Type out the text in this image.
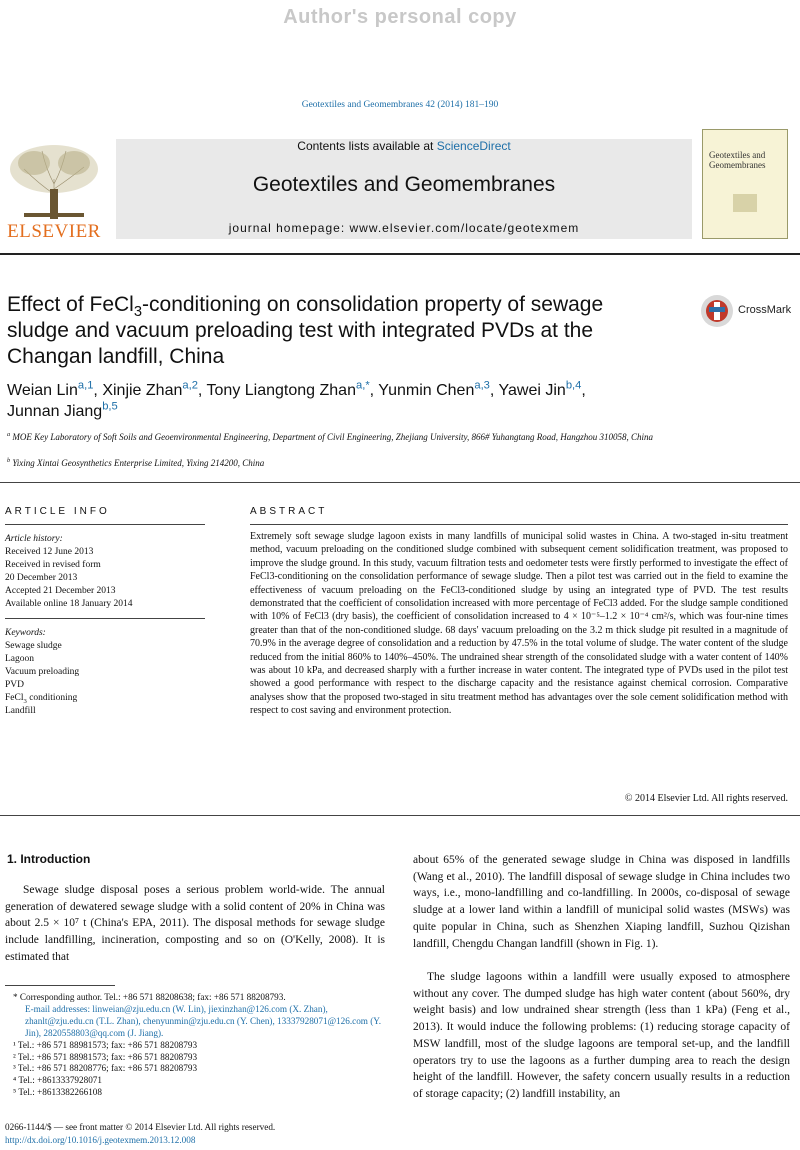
Author's personal copy
Geotextiles and Geomembranes 42 (2014) 181–190
ELSEVIER
Contents lists available at ScienceDirect
Geotextiles and Geomembranes
journal homepage: www.elsevier.com/locate/geotexmem
Geotextiles and Geomembranes
Effect of FeCl$_3$-conditioning on consolidation property of sewage sludge and vacuum preloading test with integrated PVDs at the Changan landfill, China
CrossMark
Weian Lin$^{a,1}$, Xinjie Zhan$^{a,2}$, Tony Liangtong Zhan$^{a,*}$, Yunmin Chen$^{a,3}$, Yawei Jin$^{b,4}$,
Junnan Jiang$^{b,5}$
$^a$ MOE Key Laboratory of Soft Soils and Geoenvironmental Engineering, Department of Civil Engineering, Zhejiang University, 866# Yuhangtang Road, Hangzhou 310058, China
$^b$ Yixing Xintai Geosynthetics Enterprise Limited, Yixing 214200, China
ARTICLE INFO
Article history:
Received 12 June 2013
Received in revised form
20 December 2013
Accepted 21 December 2013
Available online 18 January 2014
Keywords:
Sewage sludge
Lagoon
Vacuum preloading
PVD
FeCl$_3$ conditioning
Landfill
ABSTRACT
Extremely soft sewage sludge lagoon exists in many landfills of municipal solid wastes in China. A two-staged in-situ treatment method, vacuum preloading on the conditioned sludge combined with subsequent cement solidification treatment, was proposed to improve the sludge ground. In this study, vacuum filtration tests and oedometer tests were firstly performed to investigate the effect of FeCl3-conditioning on the consolidation performance of sewage sludge. Then a pilot test was carried out in the field to examine the effectiveness of vacuum preloading on the FeCl3-conditioned sludge by using an integrated type of PVD. The test results demonstrated that the coefficient of consolidation increased with more percentage of FeCl3 added. For the sludge sample conditioned with 10% of FeCl3 (dry basis), the coefficient of consolidation increased to 4 × 10⁻⁵–1.2 × 10⁻⁴ cm²/s, which was four-nine times greater than that of the non-conditioned sludge. 68 days' vacuum preloading on the 3.2 m thick sludge pit resulted in a magnitude of 70.9% in the average degree of consolidation and a reduction by 47.5% in the total volume of sludge. The water content of the sludge reduced from the initial 860% to 140%–450%. The undrained shear strength of the consolidated sludge with a water content of 140% was about 10 kPa, and decreased sharply with a further increase in water content. The integrated type of PVDs used in the pilot test showed a good performance with respect to the discharge capacity and the resistance against chemical corrosion. Comparative analyses show that the proposed two-staged in situ treatment method has advantages over the sole cement solidification method with respect to cost saving and environment protection.
© 2014 Elsevier Ltd. All rights reserved.
1. Introduction
Sewage sludge disposal poses a serious problem world-wide. The annual generation of dewatered sewage sludge with a solid content of 20% in China was about 2.5 × 10⁷ t (China's EPA, 2011). The disposal methods for sewage sludge include landfilling, incineration, composting and so on (O'Kelly, 2008). It is estimated that
* Corresponding author. Tel.: +86 571 88208638; fax: +86 571 88208793.
E-mail addresses: linweian@zju.edu.cn (W. Lin), jiexinzhan@126.com (X. Zhan), zhanlt@zju.edu.cn (T.L. Zhan), chenyunmin@zju.edu.cn (Y. Chen), 13337928071@126.com (Y. Jin), 2820558803@qq.com (J. Jiang).
¹ Tel.: +86 571 88981573; fax: +86 571 88208793
² Tel.: +86 571 88981573; fax: +86 571 88208793
³ Tel.: +86 571 88208776; fax: +86 571 88208793
⁴ Tel.: +8613337928071
⁵ Tel.: +8613382266108
0266-1144/$ — see front matter © 2014 Elsevier Ltd. All rights reserved.
http://dx.doi.org/10.1016/j.geotexmem.2013.12.008
about 65% of the generated sewage sludge in China was disposed in landfills (Wang et al., 2010). The landfill disposal of sewage sludge in China includes two ways, i.e., mono-landfilling and co-landfilling. In 2000s, co-disposal of sewage sludge at a lower land within a landfill of municipal solid wastes (MSWs) was quite popular in China, such as Shenzhen Xiaping landfill, Suzhou Qizishan landfill, Chengdu Changan landfill (shown in Fig. 1).
The sludge lagoons within a landfill were usually exposed to atmosphere without any cover. The dumped sludge has high water content (about 560%, dry weight basis) and low undrained shear strength (less than 1 kPa) (Feng et al., 2013). It would induce the following problems: (1) reducing storage capacity of MSW landfill, most of the sludge lagoons are temporal set-up, and the landfill operators try to use the lagoons as a further dumping area to reach the design height of the landfill. However, the safety concern usually results in a reduction of storage capacity; (2) landfill instability, an
